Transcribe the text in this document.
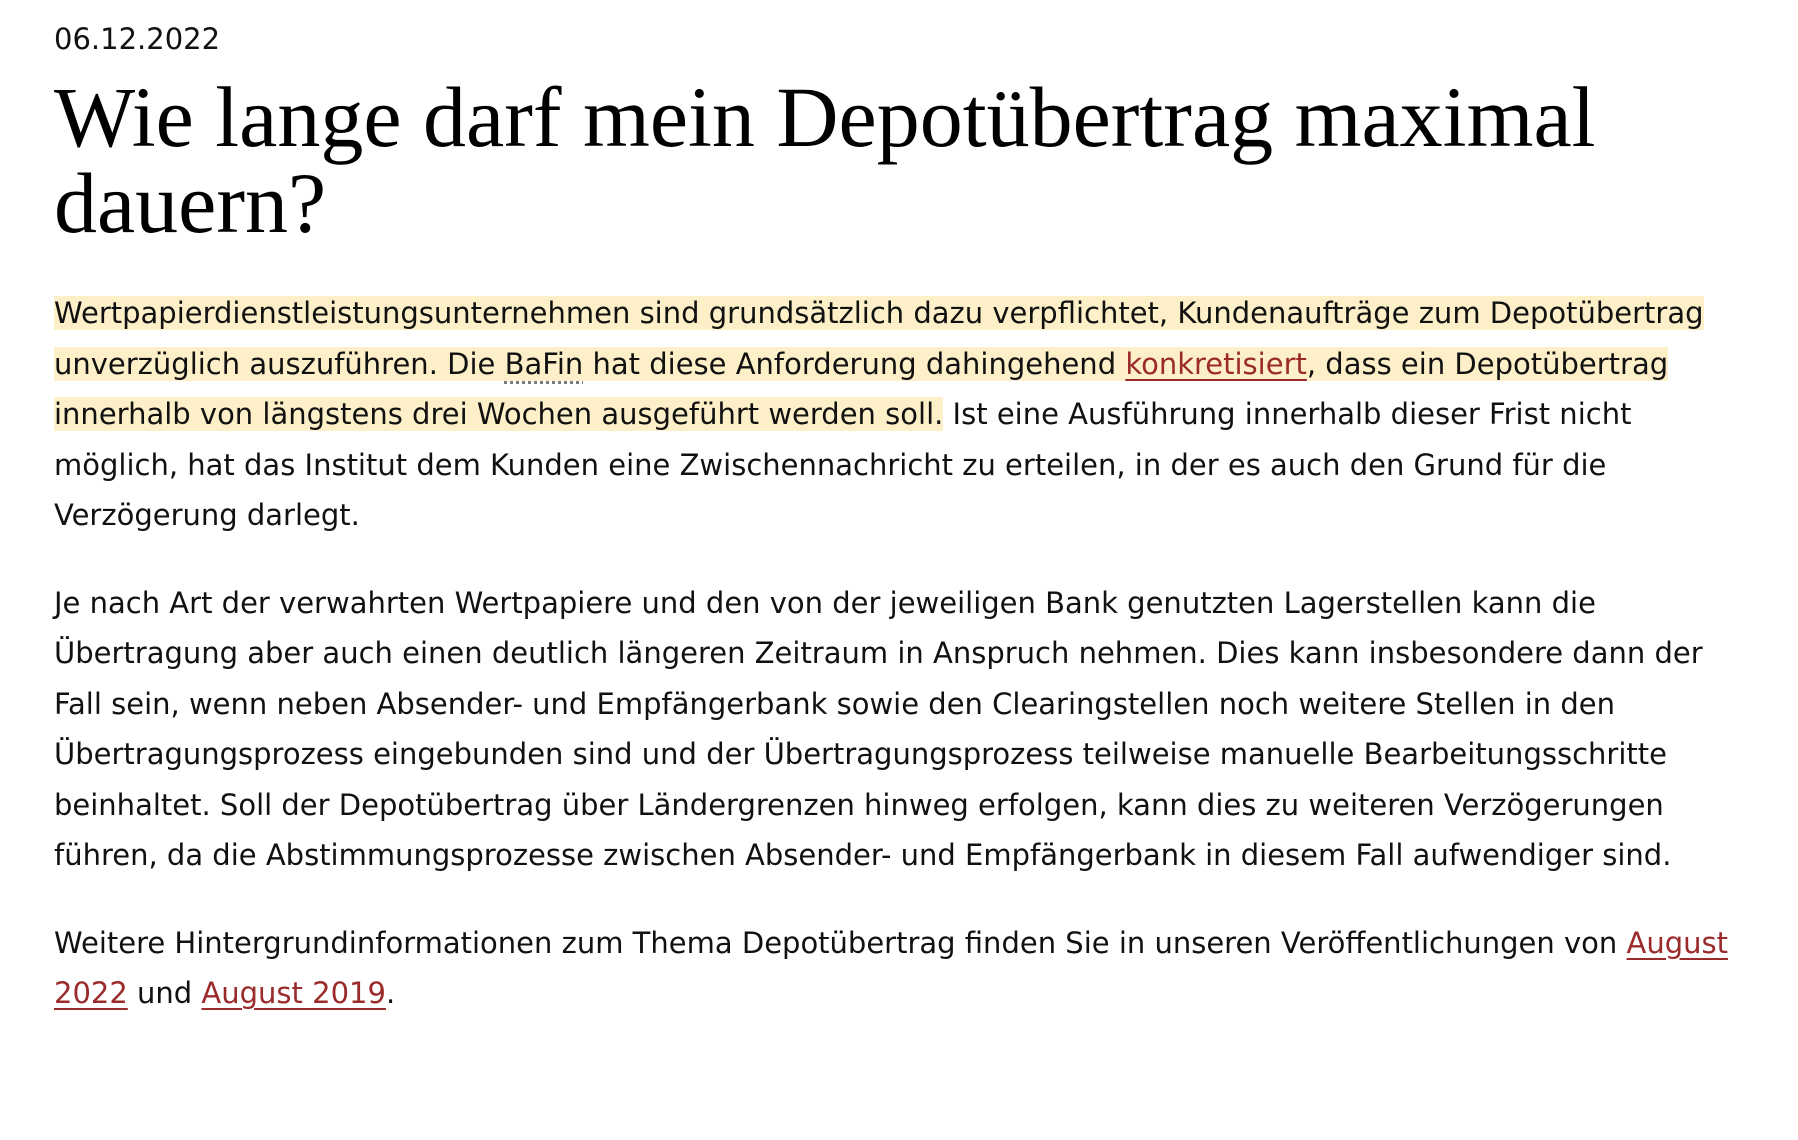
06.12.2022

Wie lange darf mein Depotübertrag maximal dauern?

Wertpapierdienstleistungsunternehmen sind grundsätzlich dazu verpflichtet, Kundenaufträge zum Depotübertrag unverzüglich auszuführen. Die BaFin hat diese Anforderung dahingehend konkretisiert, dass ein Depotübertrag innerhalb von längstens drei Wochen ausgeführt werden soll. Ist eine Ausführung innerhalb dieser Frist nicht möglich, hat das Institut dem Kunden eine Zwischennachricht zu erteilen, in der es auch den Grund für die Verzögerung darlegt.

Je nach Art der verwahrten Wertpapiere und den von der jeweiligen Bank genutzten Lagerstellen kann die Übertragung aber auch einen deutlich längeren Zeitraum in Anspruch nehmen. Dies kann insbesondere dann der Fall sein, wenn neben Absender- und Empfängerbank sowie den Clearingstellen noch weitere Stellen in den Übertragungsprozess eingebunden sind und der Übertragungsprozess teilweise manuelle Bearbeitungsschritte beinhaltet. Soll der Depotübertrag über Ländergrenzen hinweg erfolgen, kann dies zu weiteren Verzögerungen führen, da die Abstimmungsprozesse zwischen Absender- und Empfängerbank in diesem Fall aufwendiger sind.

Weitere Hintergrundinformationen zum Thema Depotübertrag finden Sie in unseren Veröffentlichungen von August 2022 und August 2019.
